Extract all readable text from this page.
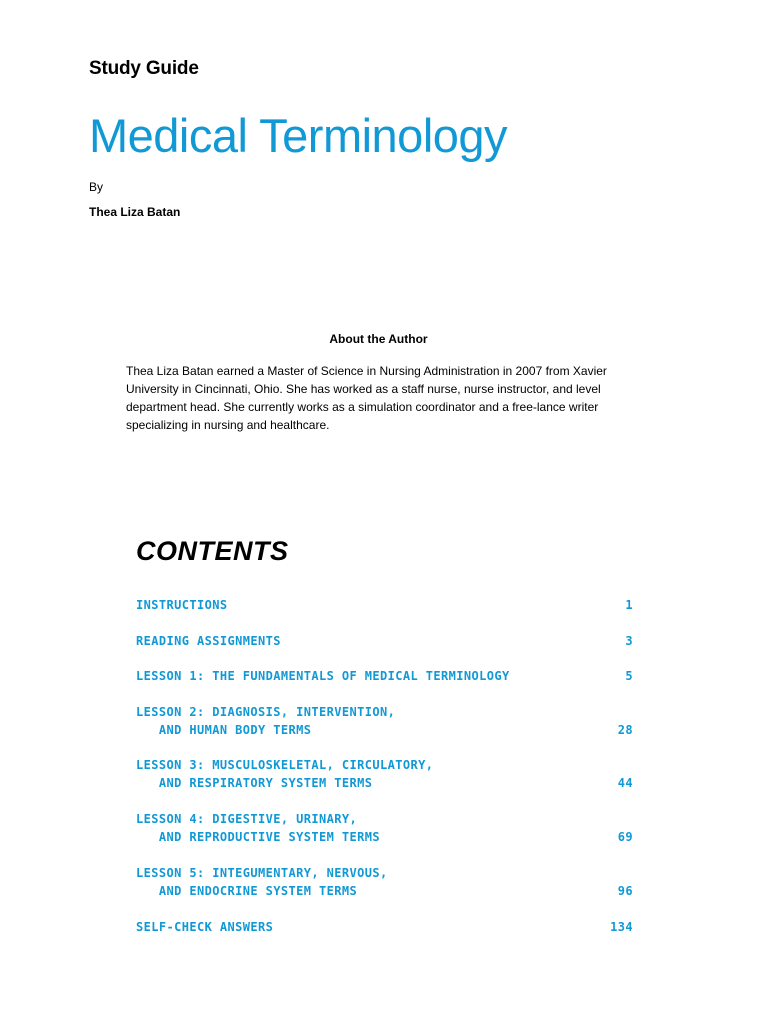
Study Guide
Medical Terminology
By
Thea Liza Batan
About the Author

Thea Liza Batan earned a Master of Science in Nursing Administration in 2007 from Xavier University in Cincinnati, Ohio. She has worked as a staff nurse, nurse instructor, and level department head. She currently works as a simulation coordinator and a free-lance writer specializing in nursing and healthcare.

CONTENTS
INSTRUCTIONS	1
READING ASSIGNMENTS	3
LESSON 1: THE FUNDAMENTALS OF MEDICAL TERMINOLOGY	5
LESSON 2: DIAGNOSIS, INTERVENTION,
AND HUMAN BODY TERMS	28
LESSON 3: MUSCULOSKELETAL, CIRCULATORY,
AND RESPIRATORY SYSTEM TERMS	44
LESSON 4: DIGESTIVE, URINARY,
AND REPRODUCTIVE SYSTEM TERMS	69
LESSON 5: INTEGUMENTARY, NERVOUS,
AND ENDOCRINE SYSTEM TERMS	96
SELF-CHECK ANSWERS	134
